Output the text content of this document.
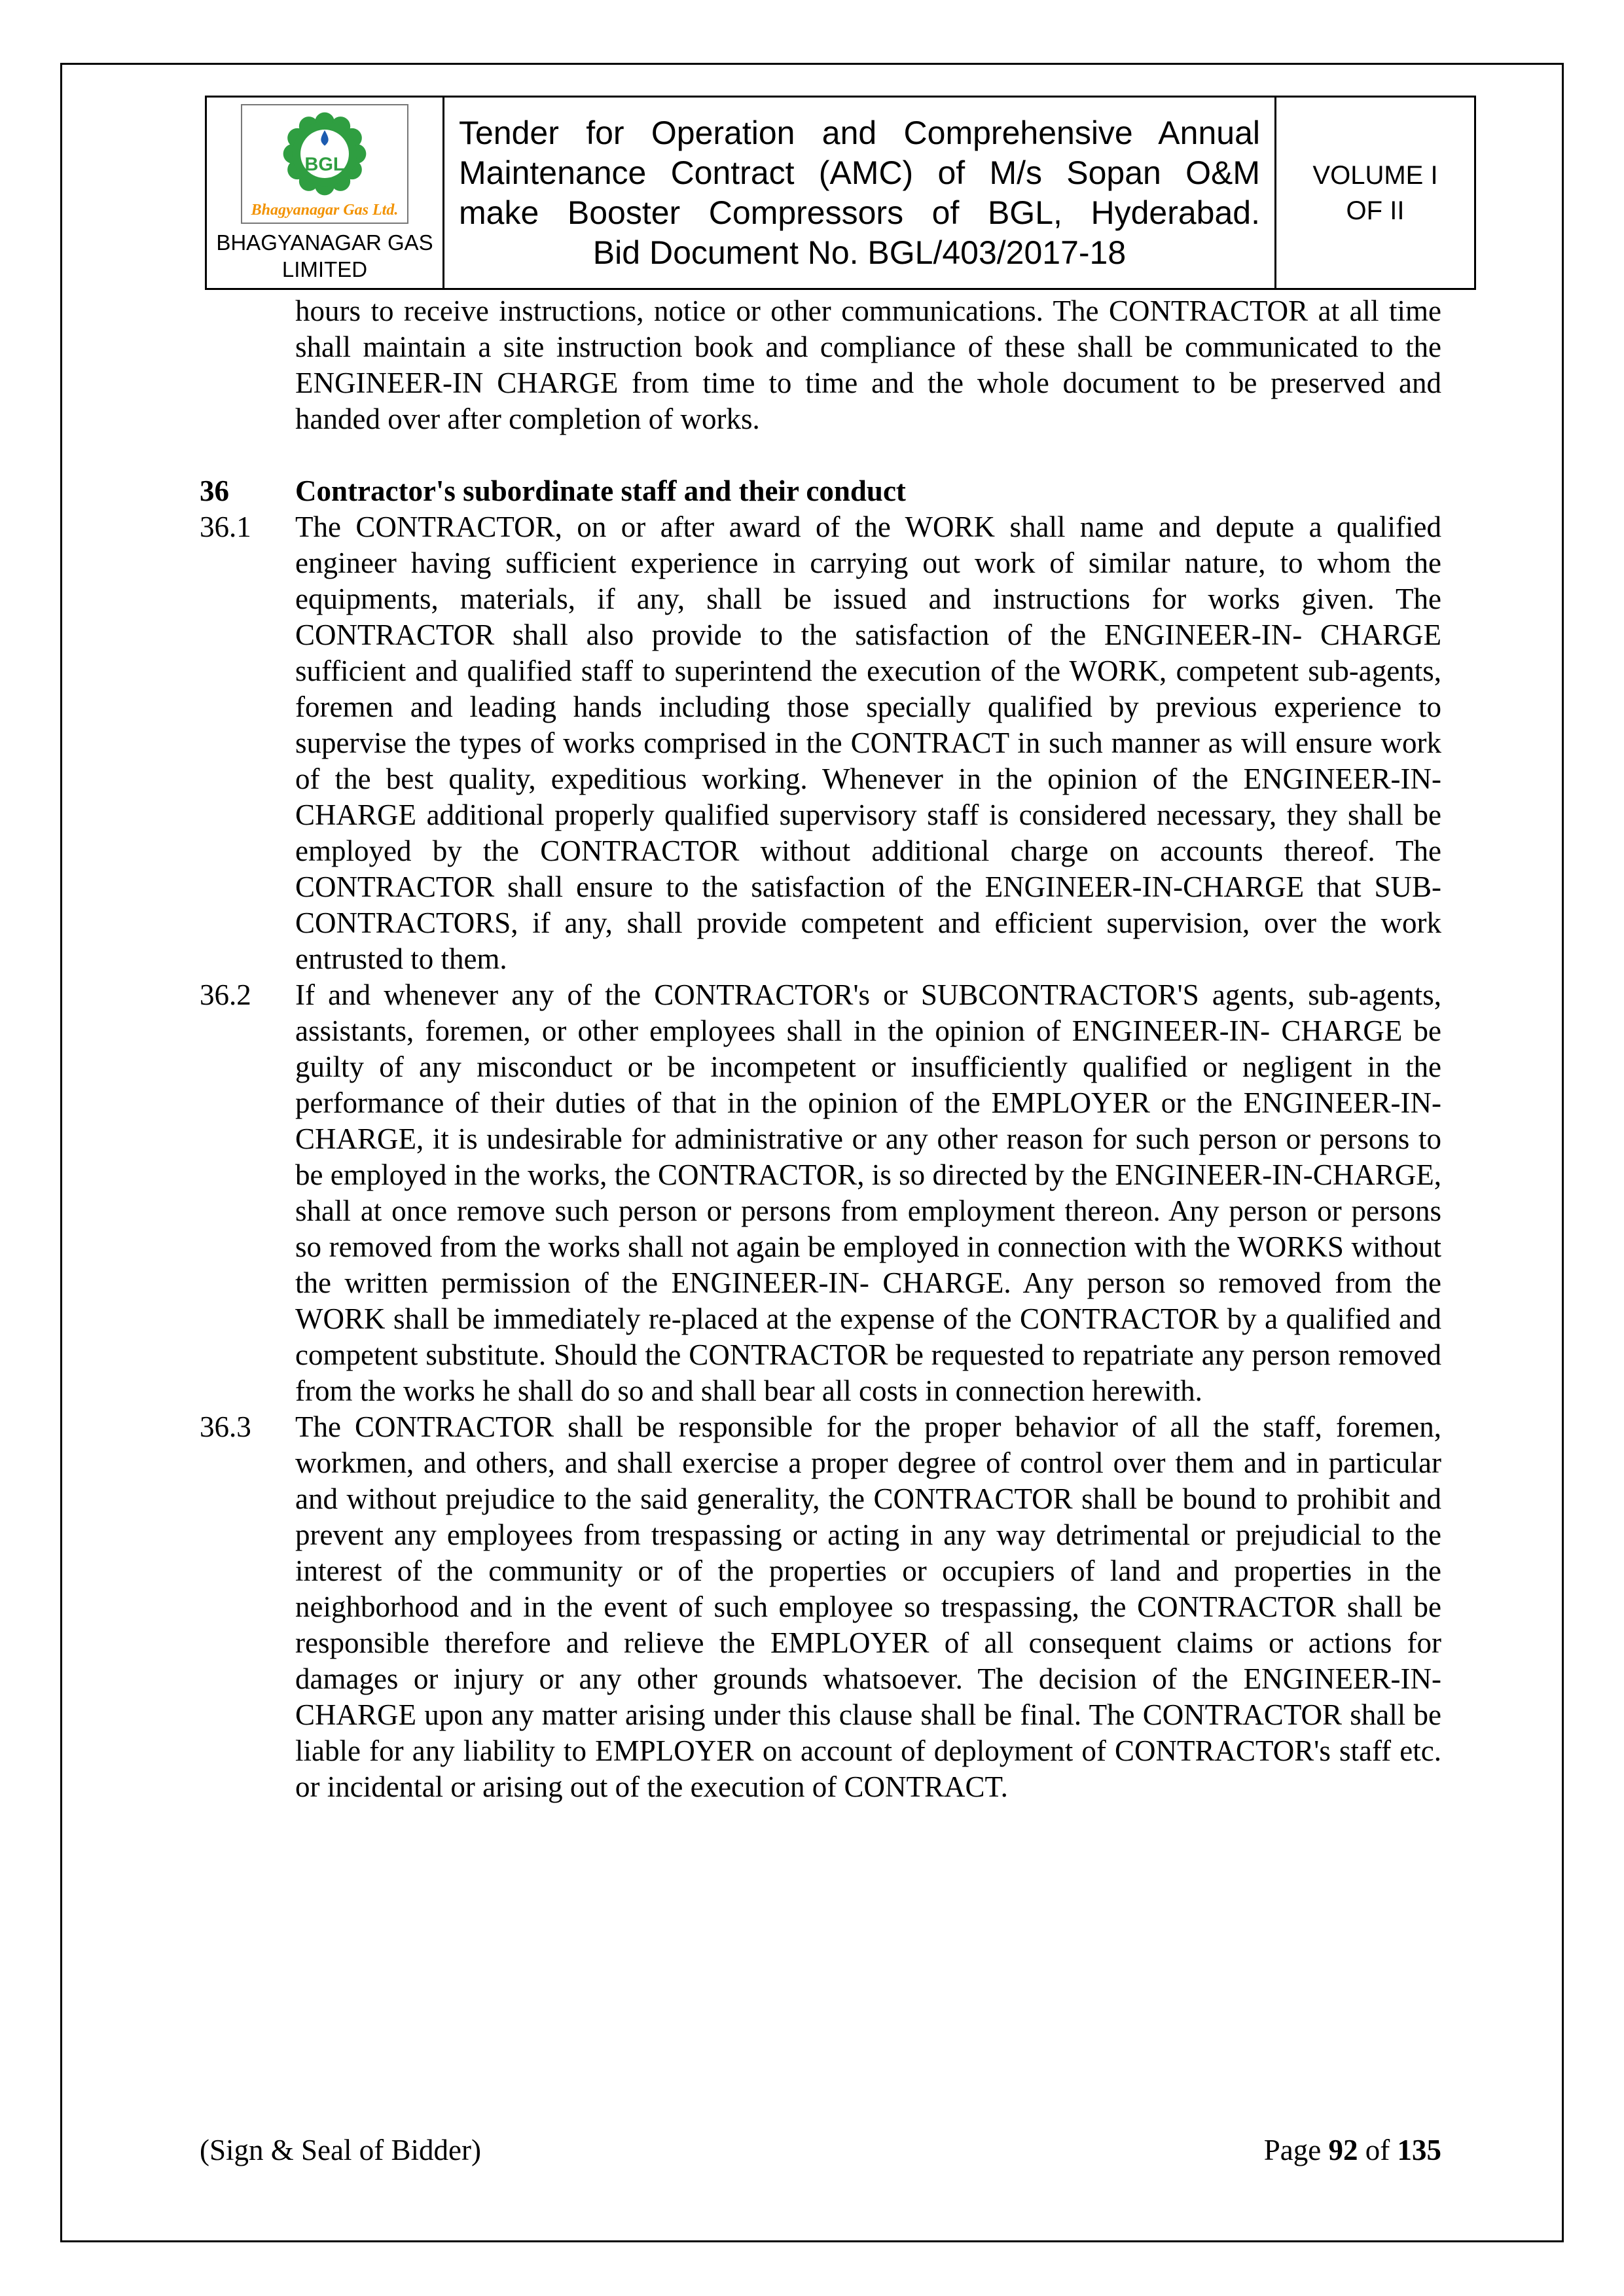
BGL
Bhagyanagar Gas Ltd.
BHAGYANAGAR GAS
LIMITED

Tender for Operation and Comprehensive Annual
Maintenance Contract (AMC) of M/s Sopan O&M
make Booster Compressors of BGL, Hyderabad.
Bid Document No. BGL/403/2017-18

VOLUME I
OF II

hours to receive instructions, notice or other communications. The CONTRACTOR at all time shall maintain a site instruction book and compliance of these shall be communicated to the ENGINEER-IN CHARGE from time to time and the whole document to be preserved and handed over after completion of works.

36 Contractor's subordinate staff and their conduct

36.1 The CONTRACTOR, on or after award of the WORK shall name and depute a qualified engineer having sufficient experience in carrying out work of similar nature, to whom the equipments, materials, if any, shall be issued and instructions for works given. The CONTRACTOR shall also provide to the satisfaction of the ENGINEER-IN- CHARGE sufficient and qualified staff to superintend the execution of the WORK, competent sub-agents, foremen and leading hands including those specially qualified by previous experience to supervise the types of works comprised in the CONTRACT in such manner as will ensure work of the best quality, expeditious working. Whenever in the opinion of the ENGINEER-IN- CHARGE additional properly qualified supervisory staff is considered necessary, they shall be employed by the CONTRACTOR without additional charge on accounts thereof. The CONTRACTOR shall ensure to the satisfaction of the ENGINEER-IN-CHARGE that SUB- CONTRACTORS, if any, shall provide competent and efficient supervision, over the work entrusted to them.

36.2 If and whenever any of the CONTRACTOR's or SUBCONTRACTOR'S agents, sub-agents, assistants, foremen, or other employees shall in the opinion of ENGINEER-IN- CHARGE be guilty of any misconduct or be incompetent or insufficiently qualified or negligent in the performance of their duties of that in the opinion of the EMPLOYER or the ENGINEER-IN-CHARGE, it is undesirable for administrative or any other reason for such person or persons to be employed in the works, the CONTRACTOR, is so directed by the ENGINEER-IN-CHARGE, shall at once remove such person or persons from employment thereon. Any person or persons so removed from the works shall not again be employed in connection with the WORKS without the written permission of the ENGINEER-IN- CHARGE. Any person so removed from the WORK shall be immediately re-placed at the expense of the CONTRACTOR by a qualified and competent substitute. Should the CONTRACTOR be requested to repatriate any person removed from the works he shall do so and shall bear all costs in connection herewith.

36.3 The CONTRACTOR shall be responsible for the proper behavior of all the staff, foremen, workmen, and others, and shall exercise a proper degree of control over them and in particular and without prejudice to the said generality, the CONTRACTOR shall be bound to prohibit and prevent any employees from trespassing or acting in any way detrimental or prejudicial to the interest of the community or of the properties or occupiers of land and properties in the neighborhood and in the event of such employee so trespassing, the CONTRACTOR shall be responsible therefore and relieve the EMPLOYER of all consequent claims or actions for damages or injury or any other grounds whatsoever. The decision of the ENGINEER-IN-CHARGE upon any matter arising under this clause shall be final. The CONTRACTOR shall be liable for any liability to EMPLOYER on account of deployment of CONTRACTOR's staff etc. or incidental or arising out of the execution of CONTRACT.

(Sign & Seal of Bidder)	Page 92 of 135
